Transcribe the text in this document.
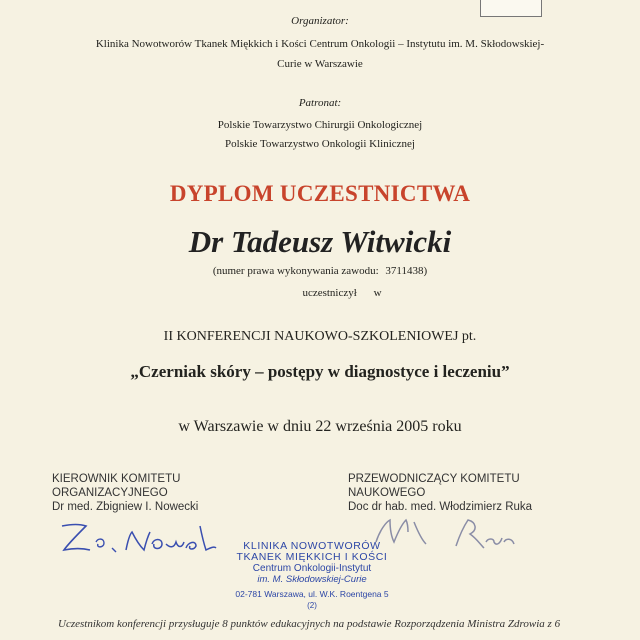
Organizator:
Klinika Nowotworów Tkanek Miękkich i Kości Centrum Onkologii – Instytutu im. M. Skłodowskiej-
Curie w Warszawie
Patronat:
Polskie Towarzystwo Chirurgii Onkologicznej
Polskie Towarzystwo Onkologii Klinicznej
DYPLOM UCZESTNICTWA
Dr Tadeusz Witwicki
(numer prawa wykonywania zawodu: 3711438)
uczestniczył w
II KONFERENCJI NAUKOWO-SZKOLENIOWEJ pt.
„Czerniak skóry – postępy w diagnostyce i leczeniu”
w Warszawie w dniu 22 września 2005 roku
KIEROWNIK KOMITETU
ORGANIZACYJNEGO
Dr med. Zbigniew I. Nowecki
PRZEWODNICZĄCY KOMITETU
NAUKOWEGO
Doc dr hab. med. Włodzimierz Ruka
KLINIKA NOWOTWORÓW
TKANEK MIĘKKICH I KOŚCI
Centrum Onkologii-Instytut
im. M. Skłodowskiej-Curie
02-781 Warszawa, ul. W.K. Roentgena 5
(2)
Uczestnikom konferencji przysługuje 8 punktów edukacyjnych na podstawie Rozporządzenia Ministra Zdrowia z 6
